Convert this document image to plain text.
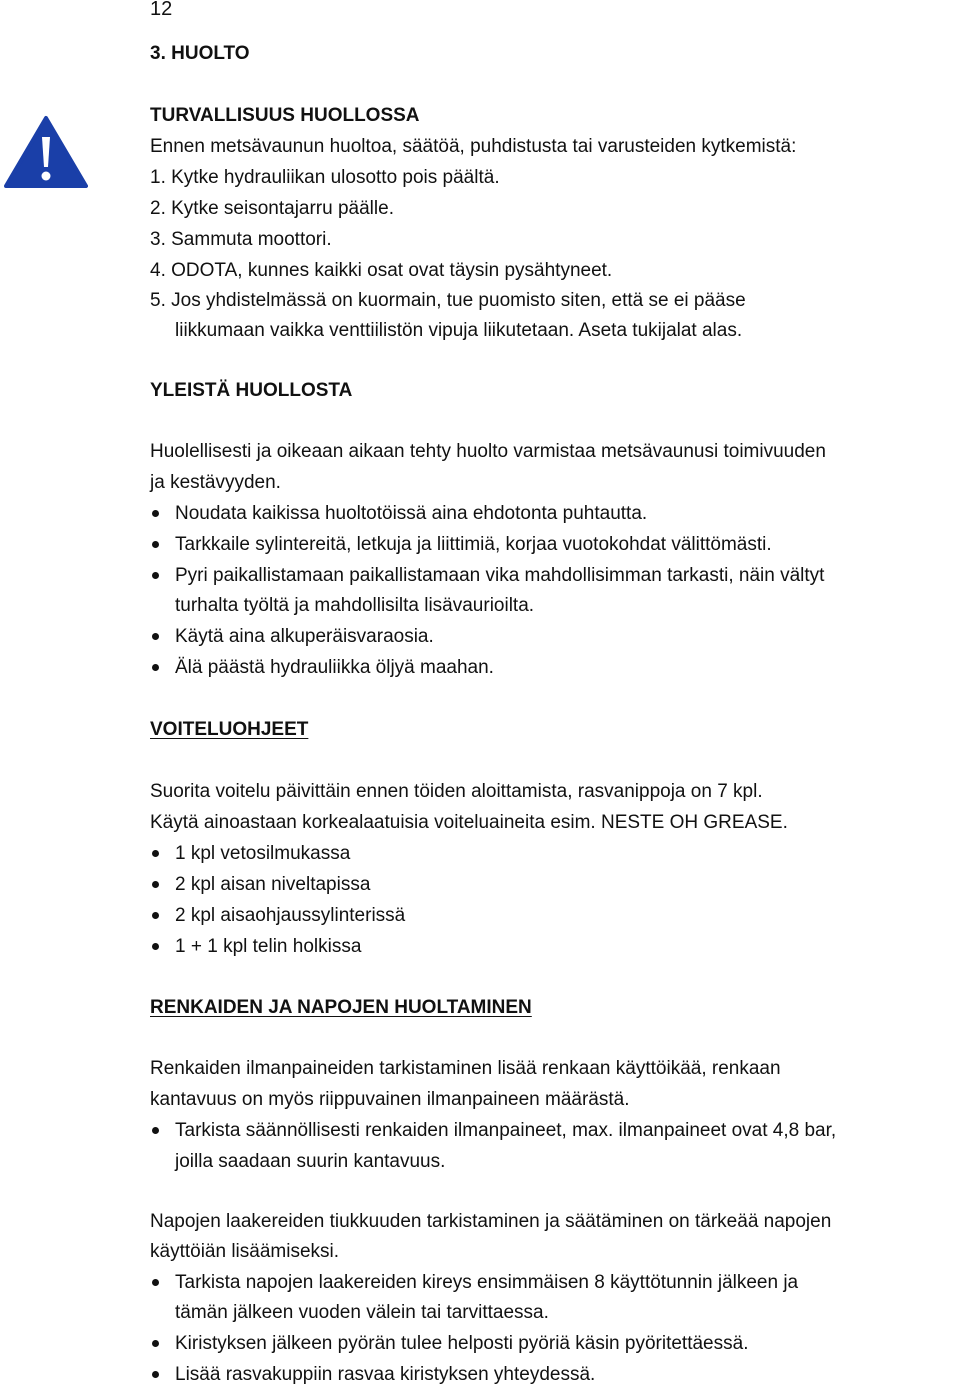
12
3. HUOLTO
TURVALLISUUS HUOLLOSSA
Ennen metsävaunun huoltoa, säätöä, puhdistusta tai varusteiden kytkemistä:
1. Kytke hydrauliikan ulosotto pois päältä.
2. Kytke seisontajarru päälle.
3. Sammuta moottori.
4. ODOTA, kunnes kaikki osat ovat täysin pysähtyneet.
5. Jos yhdistelmässä on kuormain, tue puomisto siten, että se ei pääse
liikkumaan vaikka venttiilistön vipuja liikutetaan. Aseta tukijalat alas.
YLEISTÄ HUOLLOSTA
Huolellisesti ja oikeaan aikaan tehty huolto varmistaa metsävaunusi toimivuuden
ja kestävyyden.
Noudata kaikissa huoltotöissä aina ehdotonta puhtautta.
Tarkkaile sylintereitä, letkuja ja liittimiä, korjaa vuotokohdat välittömästi.
Pyri paikallistamaan paikallistamaan vika mahdollisimman tarkasti, näin vältyt
turhalta työltä ja mahdollisilta lisävaurioilta.
Käytä aina alkuperäisvaraosia.
Älä päästä hydrauliikka öljyä maahan.
VOITELUOHJEET
Suorita voitelu päivittäin ennen töiden aloittamista, rasvanippoja on 7 kpl.
Käytä ainoastaan korkealaatuisia voiteluaineita esim. NESTE OH GREASE.
1 kpl vetosilmukassa
2 kpl aisan niveltapissa
2 kpl aisaohjaussylinterissä
1 + 1 kpl telin holkissa
RENKAIDEN JA NAPOJEN HUOLTAMINEN
Renkaiden ilmanpaineiden tarkistaminen lisää renkaan käyttöikää, renkaan
kantavuus on myös riippuvainen ilmanpaineen määrästä.
Tarkista säännöllisesti renkaiden ilmanpaineet, max. ilmanpaineet ovat 4,8 bar,
joilla saadaan suurin kantavuus.
Napojen laakereiden tiukkuuden tarkistaminen ja säätäminen on tärkeää napojen
käyttöiän lisäämiseksi.
Tarkista napojen laakereiden kireys ensimmäisen 8 käyttötunnin jälkeen ja
tämän jälkeen vuoden välein tai tarvittaessa.
Kiristyksen jälkeen pyörän tulee helposti pyöriä käsin pyöritettäessä.
Lisää rasvakuppiin rasvaa kiristyksen yhteydessä.
